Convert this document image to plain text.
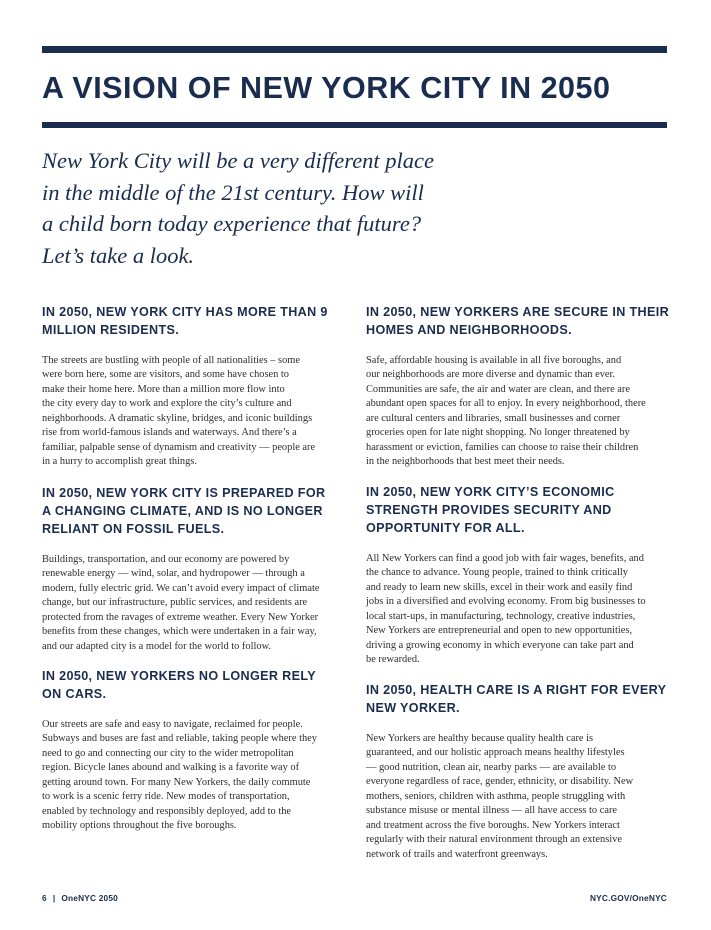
A VISION OF NEW YORK CITY IN 2050
New York City will be a very different place
in the middle of the 21st century. How will
a child born today experience that future?
Let’s take a look.
IN 2050, NEW YORK CITY HAS MORE THAN 9
MILLION RESIDENTS.
The streets are bustling with people of all nationalities – some
were born here, some are visitors, and some have chosen to
make their home here. More than a million more flow into
the city every day to work and explore the city’s culture and
neighborhoods. A dramatic skyline, bridges, and iconic buildings
rise from world-famous islands and waterways. And there’s a
familiar, palpable sense of dynamism and creativity — people are
in a hurry to accomplish great things.
IN 2050, NEW YORK CITY IS PREPARED FOR
A CHANGING CLIMATE, AND IS NO LONGER
RELIANT ON FOSSIL FUELS.
Buildings, transportation, and our economy are powered by
renewable energy — wind, solar, and hydropower — through a
modern, fully electric grid. We can’t avoid every impact of climate
change, but our infrastructure, public services, and residents are
protected from the ravages of extreme weather. Every New Yorker
benefits from these changes, which were undertaken in a fair way,
and our adapted city is a model for the world to follow.
IN 2050, NEW YORKERS NO LONGER RELY
ON CARS.
Our streets are safe and easy to navigate, reclaimed for people.
Subways and buses are fast and reliable, taking people where they
need to go and connecting our city to the wider metropolitan
region. Bicycle lanes abound and walking is a favorite way of
getting around town. For many New Yorkers, the daily commute
to work is a scenic ferry ride. New modes of transportation,
enabled by technology and responsibly deployed, add to the
mobility options throughout the five boroughs.
IN 2050, NEW YORKERS ARE SECURE IN THEIR
HOMES AND NEIGHBORHOODS.
Safe, affordable housing is available in all five boroughs, and
our neighborhoods are more diverse and dynamic than ever.
Communities are safe, the air and water are clean, and there are
abundant open spaces for all to enjoy. In every neighborhood, there
are cultural centers and libraries, small businesses and corner
groceries open for late night shopping. No longer threatened by
harassment or eviction, families can choose to raise their children
in the neighborhoods that best meet their needs.
IN 2050, NEW YORK CITY’S ECONOMIC
STRENGTH PROVIDES SECURITY AND
OPPORTUNITY FOR ALL.
All New Yorkers can find a good job with fair wages, benefits, and
the chance to advance. Young people, trained to think critically
and ready to learn new skills, excel in their work and easily find
jobs in a diversified and evolving economy. From big businesses to
local start-ups, in manufacturing, technology, creative industries,
New Yorkers are entrepreneurial and open to new opportunities,
driving a growing economy in which everyone can take part and
be rewarded.
IN 2050, HEALTH CARE IS A RIGHT FOR EVERY
NEW YORKER.
New Yorkers are healthy because quality health care is
guaranteed, and our holistic approach means healthy lifestyles
— good nutrition, clean air, nearby parks — are available to
everyone regardless of race, gender, ethnicity, or disability. New
mothers, seniors, children with asthma, people struggling with
substance misuse or mental illness — all have access to care
and treatment across the five boroughs. New Yorkers interact
regularly with their natural environment through an extensive
network of trails and waterfront greenways.
6 | OneNYC 2050	NYC.GOV/OneNYC
